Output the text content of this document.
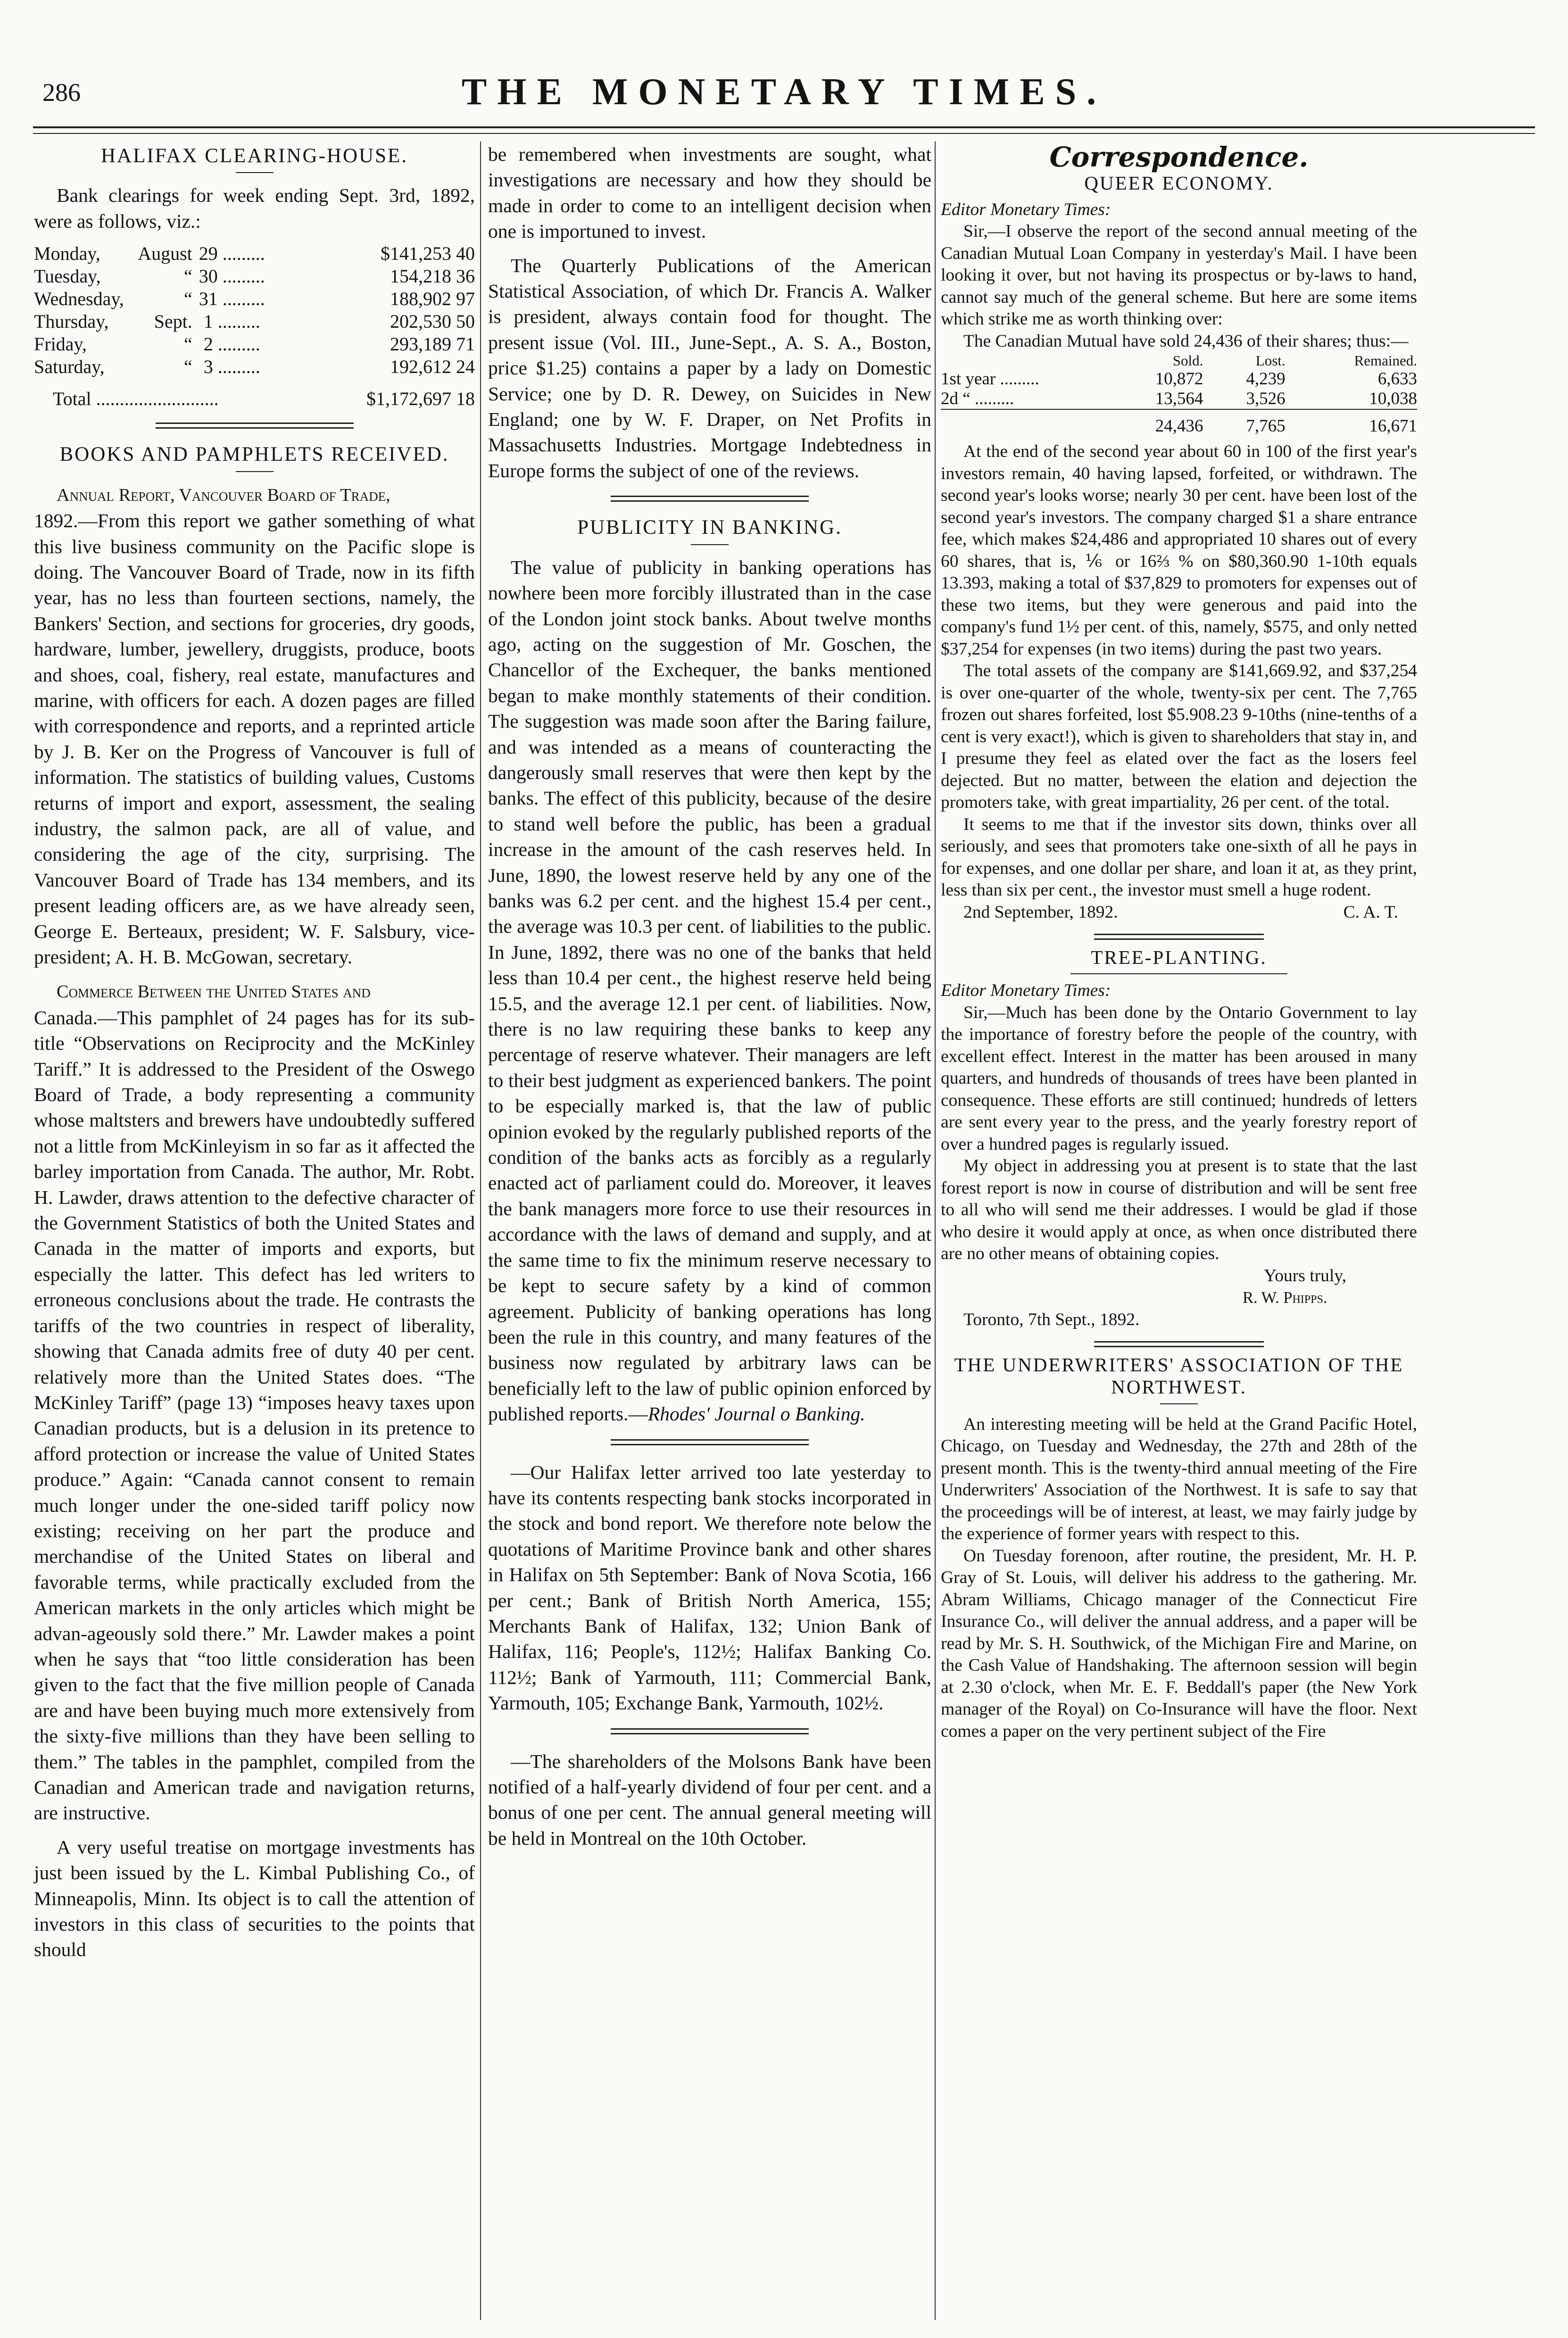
286	THE MONETARY TIMES.
HALIFAX CLEARING-HOUSE.

Bank clearings for week ending Sept. 3rd, 1892, were as follows, viz.:

Monday,	August	29 .........	$141,253 40
Tuesday,	“	30 .........	154,218 36
Wednesday,	“	31 .........	188,902 97
Thursday,	Sept.	1 .........	202,530 50
Friday,	“	2 .........	293,189 71
Saturday,	“	3 .........	192,612 24
Total ..........................			$1,172,697 18
BOOKS AND PAMPHLETS RECEIVED.

Annual Report, Vancouver Board of Trade,
1892.—From this report we gather something of what this live business community on the Pacific slope is doing. The Vancouver Board of Trade, now in its fifth year, has no less than fourteen sections, namely, the Bankers' Section, and sections for groceries, dry goods, hardware, lumber, jewellery, druggists, produce, boots and shoes, coal, fishery, real estate, manufactures and marine, with officers for each. A dozen pages are filled with correspondence and reports, and a reprinted article by J. B. Ker on the Progress of Vancouver is full of information. The statistics of building values, Customs returns of import and export, assessment, the sealing industry, the salmon pack, are all of value, and considering the age of the city, surprising. The Vancouver Board of Trade has 134 members, and its present leading officers are, as we have already seen, George E. Berteaux, president; W. F. Salsbury, vice-president; A. H. B. McGowan, secretary.

Commerce Between the United States and
Canada.—This pamphlet of 24 pages has for its sub-title “Observations on Reciprocity and the McKinley Tariff.” It is addressed to the President of the Oswego Board of Trade, a body representing a community whose maltsters and brewers have undoubtedly suffered not a little from McKinleyism in so far as it affected the barley importation from Canada. The author, Mr. Robt. H. Lawder, draws attention to the defective character of the Government Statistics of both the United States and Canada in the matter of imports and exports, but especially the latter. This defect has led writers to erroneous conclusions about the trade. He contrasts the tariffs of the two countries in respect of liberality, showing that Canada admits free of duty 40 per cent. relatively more than the United States does. “The McKinley Tariff” (page 13) “imposes heavy taxes upon Canadian products, but is a delusion in its pretence to afford protection or increase the value of United States produce.” Again: “Canada cannot consent to remain much longer under the one-sided tariff policy now existing; receiving on her part the produce and merchandise of the United States on liberal and favorable terms, while practically excluded from the American markets in the only articles which might be advan-ageously sold there.” Mr. Lawder makes a point when he says that “too little consideration has been given to the fact that the five million people of Canada are and have been buying much more extensively from the sixty-five millions than they have been selling to them.” The tables in the pamphlet, compiled from the Canadian and American trade and navigation returns, are instructive.

A very useful treatise on mortgage investments has just been issued by the L. Kimbal Publishing Co., of Minneapolis, Minn. Its object is to call the attention of investors in this class of securities to the points that should

be remembered when investments are sought, what investigations are necessary and how they should be made in order to come to an intelligent decision when one is importuned to invest.

The Quarterly Publications of the American Statistical Association, of which Dr. Francis A. Walker is president, always contain food for thought. The present issue (Vol. III., June-Sept., A. S. A., Boston, price $1.25) contains a paper by a lady on Domestic Service; one by D. R. Dewey, on Suicides in New England; one by W. F. Draper, on Net Profits in Massachusetts Industries. Mortgage Indebtedness in Europe forms the subject of one of the reviews.

PUBLICITY IN BANKING.

The value of publicity in banking operations has nowhere been more forcibly illustrated than in the case of the London joint stock banks. About twelve months ago, acting on the suggestion of Mr. Goschen, the Chancellor of the Exchequer, the banks mentioned began to make monthly statements of their condition. The suggestion was made soon after the Baring failure, and was intended as a means of counteracting the dangerously small reserves that were then kept by the banks. The effect of this publicity, because of the desire to stand well before the public, has been a gradual increase in the amount of the cash reserves held. In June, 1890, the lowest reserve held by any one of the banks was 6.2 per cent. and the highest 15.4 per cent., the average was 10.3 per cent. of liabilities to the public. In June, 1892, there was no one of the banks that held less than 10.4 per cent., the highest reserve held being 15.5, and the average 12.1 per cent. of liabilities. Now, there is no law requiring these banks to keep any percentage of reserve whatever. Their managers are left to their best judgment as experienced bankers. The point to be especially marked is, that the law of public opinion evoked by the regularly published reports of the condition of the banks acts as forcibly as a regularly enacted act of parliament could do. Moreover, it leaves the bank managers more force to use their resources in accordance with the laws of demand and supply, and at the same time to fix the minimum reserve necessary to be kept to secure safety by a kind of common agreement. Publicity of banking operations has long been the rule in this country, and many features of the business now regulated by arbitrary laws can be beneficially left to the law of public opinion enforced by published reports.—Rhodes' Journal o Banking.

—Our Halifax letter arrived too late yesterday to have its contents respecting bank stocks incorporated in the stock and bond report. We therefore note below the quotations of Maritime Province bank and other shares in Halifax on 5th September: Bank of Nova Scotia, 166 per cent.; Bank of British North America, 155; Merchants Bank of Halifax, 132; Union Bank of Halifax, 116; People's, 112½; Halifax Banking Co. 112½; Bank of Yarmouth, 111; Commercial Bank, Yarmouth, 105; Exchange Bank, Yarmouth, 102½.

—The shareholders of the Molsons Bank have been notified of a half-yearly dividend of four per cent. and a bonus of one per cent. The annual general meeting will be held in Montreal on the 10th October.

Correspondence.
QUEER ECONOMY.

Editor Monetary Times:

Sir,—I observe the report of the second annual meeting of the Canadian Mutual Loan Company in yesterday's Mail. I have been looking it over, but not having its prospectus or by-laws to hand, cannot say much of the general scheme. But here are some items which strike me as worth thinking over:

The Canadian Mutual have sold 24,436 of their shares; thus:—

	Sold.	Lost.	Remained.
1st year .........	10,872	4,239	6,633
2d “ .........	13,564	3,526	10,038
	24,436	7,765	16,671

At the end of the second year about 60 in 100 of the first year's investors remain, 40 having lapsed, forfeited, or withdrawn. The second year's looks worse; nearly 30 per cent. have been lost of the second year's investors. The company charged $1 a share entrance fee, which makes $24,486 and appropriated 10 shares out of every 60 shares, that is, ⅙ or 16⅔ % on $80,360.90 1-10th equals 13.393, making a total of $37,829 to promoters for expenses out of these two items, but they were generous and paid into the company's fund 1½ per cent. of this, namely, $575, and only netted $37,254 for expenses (in two items) during the past two years.

The total assets of the company are $141,669.92, and $37,254 is over one-quarter of the whole, twenty-six per cent. The 7,765 frozen out shares forfeited, lost $5.908.23 9-10ths (nine-tenths of a cent is very exact!), which is given to shareholders that stay in, and I presume they feel as elated over the fact as the losers feel dejected. But no matter, between the elation and dejection the promoters take, with great impartiality, 26 per cent. of the total.

It seems to me that if the investor sits down, thinks over all seriously, and sees that promoters take one-sixth of all he pays in for expenses, and one dollar per share, and loan it at, as they print, less than six per cent., the investor must smell a huge rodent.

2nd September, 1892.	C. A. T.
TREE-PLANTING.

Editor Monetary Times:

Sir,—Much has been done by the Ontario Government to lay the importance of forestry before the people of the country, with excellent effect. Interest in the matter has been aroused in many quarters, and hundreds of thousands of trees have been planted in consequence. These efforts are still continued; hundreds of letters are sent every year to the press, and the yearly forestry report of over a hundred pages is regularly issued.

My object in addressing you at present is to state that the last forest report is now in course of distribution and will be sent free to all who will send me their addresses. I would be glad if those who desire it would apply at once, as when once distributed there are no other means of obtaining copies.

Yours truly,

R. W. Phipps.

Toronto, 7th Sept., 1892.

THE UNDERWRITERS' ASSOCIATION OF THE NORTHWEST.

An interesting meeting will be held at the Grand Pacific Hotel, Chicago, on Tuesday and Wednesday, the 27th and 28th of the present month. This is the twenty-third annual meeting of the Fire Underwriters' Association of the Northwest. It is safe to say that the proceedings will be of interest, at least, we may fairly judge by the experience of former years with respect to this.

On Tuesday forenoon, after routine, the president, Mr. H. P. Gray of St. Louis, will deliver his address to the gathering. Mr. Abram Williams, Chicago manager of the Connecticut Fire Insurance Co., will deliver the annual address, and a paper will be read by Mr. S. H. Southwick, of the Michigan Fire and Marine, on the Cash Value of Handshaking. The afternoon session will begin at 2.30 o'clock, when Mr. E. F. Beddall's paper (the New York manager of the Royal) on Co-Insurance will have the floor. Next comes a paper on the very pertinent subject of the Fire
